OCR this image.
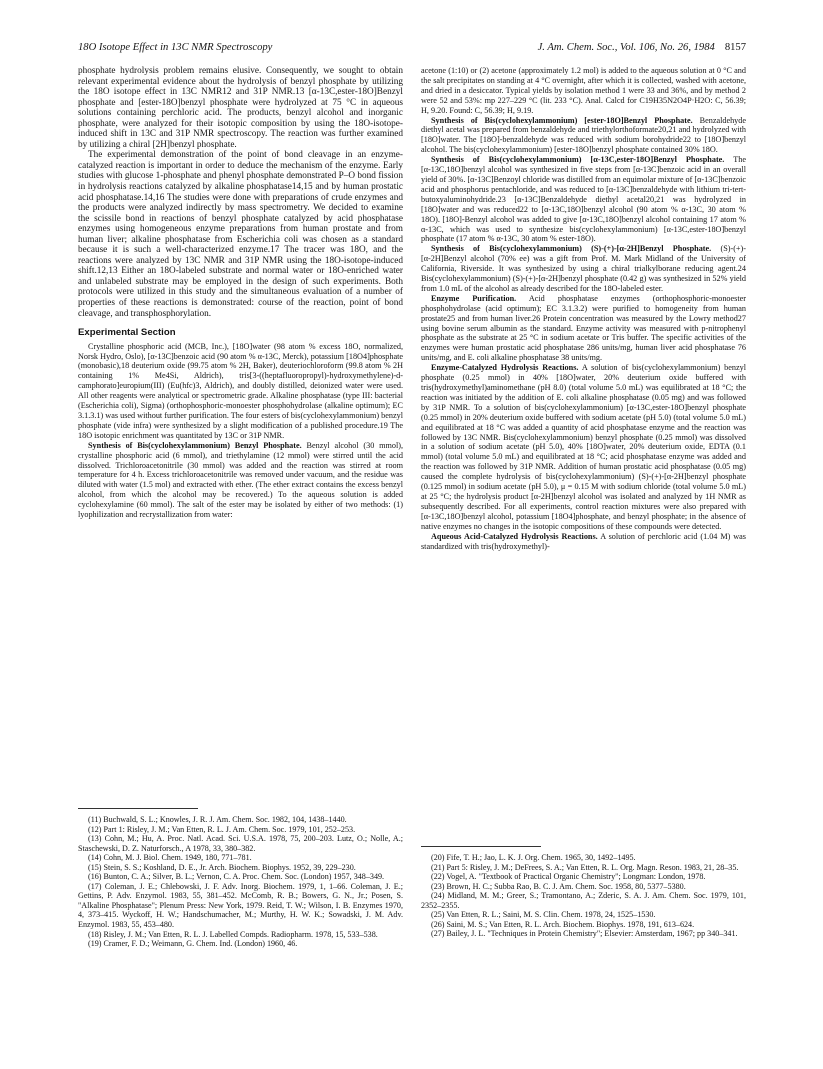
18O Isotope Effect in 13C NMR Spectroscopy	J. Am. Chem. Soc., Vol. 106, No. 26, 1984 8157

phosphate hydrolysis problem remains elusive. Consequently, we sought to obtain relevant experimental evidence about the hydrolysis of benzyl phosphate by utilizing the 18O isotope effect in 13C NMR12 and 31P NMR.13 [α-13C,ester-18O]Benzyl phosphate and [ester-18O]benzyl phosphate were hydrolyzed at 75 °C in aqueous solutions containing perchloric acid. The products, benzyl alcohol and inorganic phosphate, were analyzed for their isotopic composition by using the 18O-isotope-induced shift in 13C and 31P NMR spectroscopy. The reaction was further examined by utilizing a chiral [2H]benzyl phosphate.

The experimental demonstration of the point of bond cleavage in an enzyme-catalyzed reaction is important in order to deduce the mechanism of the enzyme. Early studies with glucose 1-phosphate and phenyl phosphate demonstrated P–O bond fission in hydrolysis reactions catalyzed by alkaline phosphatase14,15 and by human prostatic acid phosphatase.14,16 The studies were done with preparations of crude enzymes and the products were analyzed indirectly by mass spectrometry. We decided to examine the scissile bond in reactions of benzyl phosphate catalyzed by acid phosphatase enzymes using homogeneous enzyme preparations from human prostate and from human liver; alkaline phosphatase from Escherichia coli was chosen as a standard because it is such a well-characterized enzyme.17 The tracer was 18O, and the reactions were analyzed by 13C NMR and 31P NMR using the 18O-isotope-induced shift.12,13 Either an 18O-labeled substrate and normal water or 18O-enriched water and unlabeled substrate may be employed in the design of such experiments. Both protocols were utilized in this study and the simultaneous evaluation of a number of properties of these reactions is demonstrated: course of the reaction, point of bond cleavage, and transphosphorylation.

Experimental Section

Crystalline phosphoric acid (MCB, Inc.), [18O]water (98 atom % excess 18O, normalized, Norsk Hydro, Oslo), [α-13C]benzoic acid (90 atom % α-13C, Merck), potassium [18O4]phosphate (monobasic),18 deuterium oxide (99.75 atom % 2H, Baker), deuteriochloroform (99.8 atom % 2H containing 1% Me4Si, Aldrich), tris[3-((heptafluoropropyl)-hydroxymethylene)-d-camphorato]europium(III) (Eu(hfc)3, Aldrich), and doubly distilled, deionized water were used. All other reagents were analytical or spectrometric grade. Alkaline phosphatase (type III: bacterial (Escherichia coli), Sigma) (orthophosphoric-monoester phosphohydrolase (alkaline optimum); EC 3.1.3.1) was used without further purification. The four esters of bis(cyclohexylammonium) benzyl phosphate (vide infra) were synthesized by a slight modification of a published procedure.19 The 18O isotopic enrichment was quantitated by 13C or 31P NMR.

Synthesis of Bis(cyclohexylammonium) Benzyl Phosphate. Benzyl alcohol (30 mmol), crystalline phosphoric acid (6 mmol), and triethylamine (12 mmol) were stirred until the acid dissolved. Trichloroacetonitrile (30 mmol) was added and the reaction was stirred at room temperature for 4 h. Excess trichloroacetonitrile was removed under vacuum, and the residue was diluted with water (1.5 mol) and extracted with ether. (The ether extract contains the excess benzyl alcohol, from which the alcohol may be recovered.) To the aqueous solution is added cyclohexylamine (60 mmol). The salt of the ester may be isolated by either of two methods: (1) lyophilization and recrystallization from water:

acetone (1:10) or (2) acetone (approximately 1.2 mol) is added to the aqueous solution at 0 °C and the salt precipitates on standing at 4 °C overnight, after which it is collected, washed with acetone, and dried in a desiccator. Typical yields by isolation method 1 were 33 and 36%, and by method 2 were 52 and 53%: mp 227–229 °C (lit. 233 °C). Anal. Calcd for C19H35N2O4P·H2O: C, 56.39; H, 9.20. Found: C, 56.39; H, 9.19.

Synthesis of Bis(cyclohexylammonium) [ester-18O]Benzyl Phosphate. Benzaldehyde diethyl acetal was prepared from benzaldehyde and triethylorthoformate20,21 and hydrolyzed with [18O]water. The [18O]-benzaldehyde was reduced with sodium borohydride22 to [18O]benzyl alcohol. The bis(cyclohexylammonium) [ester-18O]benzyl phosphate contained 30% 18O.

Synthesis of Bis(cyclohexylammonium) [α-13C,ester-18O]Benzyl Phosphate. The [α-13C,18O]benzyl alcohol was synthesized in five steps from [α-13C]benzoic acid in an overall yield of 30%. [α-13C]Benzoyl chloride was distilled from an equimolar mixture of [α-13C]benzoic acid and phosphorus pentachloride, and was reduced to [α-13C]benzaldehyde with lithium tri-tert-butoxyaluminohydride.23 [α-13C]Benzaldehyde diethyl acetal20,21 was hydrolyzed in [18O]water and was reduced22 to [α-13C,18O]benzyl alcohol (90 atom % α-13C, 30 atom % 18O). [18O]-Benzyl alcohol was added to give [α-13C,18O]benzyl alcohol containing 17 atom % α-13C, which was used to synthesize bis(cyclohexylammonium) [α-13C,ester-18O]benzyl phosphate (17 atom % α-13C, 30 atom % ester-18O).

Synthesis of Bis(cyclohexylammonium) (S)-(+)-[α-2H]Benzyl Phosphate. (S)-(+)-[α-2H]Benzyl alcohol (70% ee) was a gift from Prof. M. Mark Midland of the University of California, Riverside. It was synthesized by using a chiral trialkylborane reducing agent.24 Bis(cyclohexylammonium) (S)-(+)-[α-2H]benzyl phosphate (0.42 g) was synthesized in 52% yield from 1.0 mL of the alcohol as already described for the 18O-labeled ester.

Enzyme Purification. Acid phosphatase enzymes (orthophosphoric-monoester phosphohydrolase (acid optimum); EC 3.1.3.2) were purified to homogeneity from human prostate25 and from human liver.26 Protein concentration was measured by the Lowry method27 using bovine serum albumin as the standard. Enzyme activity was measured with p-nitrophenyl phosphate as the substrate at 25 °C in sodium acetate or Tris buffer. The specific activities of the enzymes were human prostatic acid phosphatase 286 units/mg, human liver acid phosphatase 76 units/mg, and E. coli alkaline phosphatase 38 units/mg.

Enzyme-Catalyzed Hydrolysis Reactions. A solution of bis(cyclohexylammonium) benzyl phosphate (0.25 mmol) in 40% [18O]water, 20% deuterium oxide buffered with tris(hydroxymethyl)aminomethane (pH 8.0) (total volume 5.0 mL) was equilibrated at 18 °C; the reaction was initiated by the addition of E. coli alkaline phosphatase (0.05 mg) and was followed by 31P NMR. To a solution of bis(cyclohexylammonium) [α-13C,ester-18O]benzyl phosphate (0.25 mmol) in 20% deuterium oxide buffered with sodium acetate (pH 5.0) (total volume 5.0 mL) and equilibrated at 18 °C was added a quantity of acid phosphatase enzyme and the reaction was followed by 13C NMR. Bis(cyclohexylammonium) benzyl phosphate (0.25 mmol) was dissolved in a solution of sodium acetate (pH 5.0), 40% [18O]water, 20% deuterium oxide, EDTA (0.1 mmol) (total volume 5.0 mL) and equilibrated at 18 °C; acid phosphatase enzyme was added and the reaction was followed by 31P NMR. Addition of human prostatic acid phosphatase (0.05 mg) caused the complete hydrolysis of bis(cyclohexylammonium) (S)-(+)-[α-2H]benzyl phosphate (0.125 mmol) in sodium acetate (pH 5.0), μ = 0.15 M with sodium chloride (total volume 5.0 mL) at 25 °C; the hydrolysis product [α-2H]benzyl alcohol was isolated and analyzed by 1H NMR as subsequently described. For all experiments, control reaction mixtures were also prepared with [α-13C,18O]benzyl alcohol, potassium [18O4]phosphate, and benzyl phosphate; in the absence of native enzymes no changes in the isotopic compositions of these compounds were detected.

Aqueous Acid-Catalyzed Hydrolysis Reactions. A solution of perchloric acid (1.04 M) was standardized with tris(hydroxymethyl)-

(11) Buchwald, S. L.; Knowles, J. R. J. Am. Chem. Soc. 1982, 104, 1438–1440.

(12) Part 1: Risley, J. M.; Van Etten, R. L. J. Am. Chem. Soc. 1979, 101, 252–253.

(13) Cohn, M.; Hu, A. Proc. Natl. Acad. Sci. U.S.A. 1978, 75, 200–203. Lutz, O.; Nolle, A.; Staschewski, D. Z. Naturforsch., A 1978, 33, 380–382.

(14) Cohn, M. J. Biol. Chem. 1949, 180, 771–781.

(15) Stein, S. S.; Koshland, D. E., Jr. Arch. Biochem. Biophys. 1952, 39, 229–230.

(16) Bunton, C. A.; Silver, B. L.; Vernon, C. A. Proc. Chem. Soc. (London) 1957, 348–349.

(17) Coleman, J. E.; Chlebowski, J. F. Adv. Inorg. Biochem. 1979, 1, 1–66. Coleman, J. E.; Gettins, P. Adv. Enzymol. 1983, 55, 381–452. McComb, R. B.; Bowers, G. N., Jr.; Posen, S. "Alkaline Phosphatase"; Plenum Press: New York, 1979. Reid, T. W.; Wilson, I. B. Enzymes 1970, 4, 373–415. Wyckoff, H. W.; Handschumacher, M.; Murthy, H. W. K.; Sowadski, J. M. Adv. Enzymol. 1983, 55, 453–480.

(18) Risley, J. M.; Van Etten, R. L. J. Labelled Compds. Radiopharm. 1978, 15, 533–538.

(19) Cramer, F. D.; Weimann, G. Chem. Ind. (London) 1960, 46.

(20) Fife, T. H.; Jao, L. K. J. Org. Chem. 1965, 30, 1492–1495.

(21) Part 5: Risley, J. M.; DeFrees, S. A.; Van Etten, R. L. Org. Magn. Reson. 1983, 21, 28–35.

(22) Vogel, A. "Textbook of Practical Organic Chemistry"; Longman: London, 1978.

(23) Brown, H. C.; Subba Rao, B. C. J. Am. Chem. Soc. 1958, 80, 5377–5380.

(24) Midland, M. M.; Greer, S.; Tramontano, A.; Zderic, S. A. J. Am. Chem. Soc. 1979, 101, 2352–2355.

(25) Van Etten, R. L.; Saini, M. S. Clin. Chem. 1978, 24, 1525–1530.

(26) Saini, M. S.; Van Etten, R. L. Arch. Biochem. Biophys. 1978, 191, 613–624.

(27) Bailey, J. L. "Techniques in Protein Chemistry"; Elsevier: Amsterdam, 1967; pp 340–341.
